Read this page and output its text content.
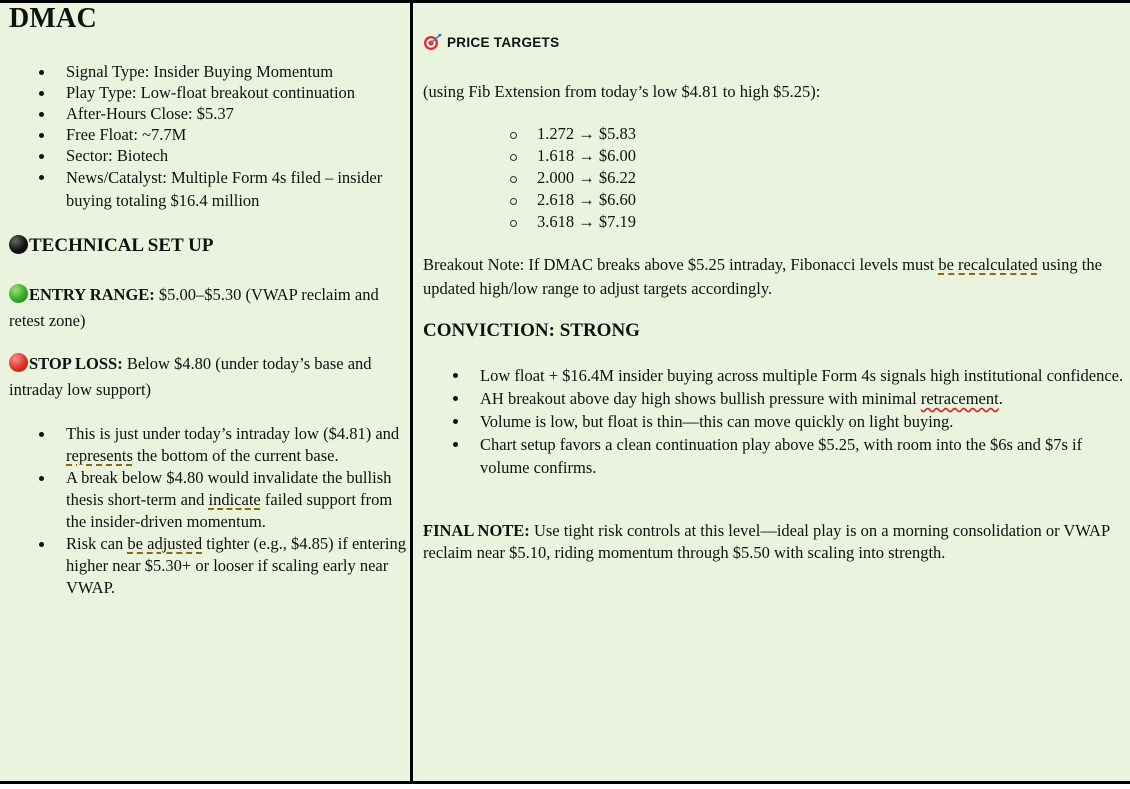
DMAC
Signal Type: Insider Buying Momentum
Play Type: Low-float breakout continuation
After-Hours Close: $5.37
Free Float: ~7.7M
Sector: Biotech
News/Catalyst: Multiple Form 4s filed – insider buying totaling $16.4 million
TECHNICAL SET UP
ENTRY RANGE: $5.00–$5.30 (VWAP reclaim and retest zone)
STOP LOSS: Below $4.80 (under today’s base and intraday low support)
This is just under today’s intraday low ($4.81) and represents the bottom of the current base.
A break below $4.80 would invalidate the bullish thesis short-term and indicate failed support from the insider-driven momentum.
Risk can be adjusted tighter (e.g., $4.85) if entering higher near $5.30+ or looser if scaling early near VWAP.
PRICE TARGETS
(using Fib Extension from today’s low $4.81 to high $5.25):
1.272 → $5.83
1.618 → $6.00
2.000 → $6.22
2.618 → $6.60
3.618 → $7.19
Breakout Note: If DMAC breaks above $5.25 intraday, Fibonacci levels must be recalculated using the updated high/low range to adjust targets accordingly.
CONVICTION: STRONG
Low float + $16.4M insider buying across multiple Form 4s signals high institutional confidence.
AH breakout above day high shows bullish pressure with minimal retracement.
Volume is low, but float is thin—this can move quickly on light buying.
Chart setup favors a clean continuation play above $5.25, with room into the $6s and $7s if volume confirms.
FINAL NOTE: Use tight risk controls at this level—ideal play is on a morning consolidation or VWAP reclaim near $5.10, riding momentum through $5.50 with scaling into strength.
